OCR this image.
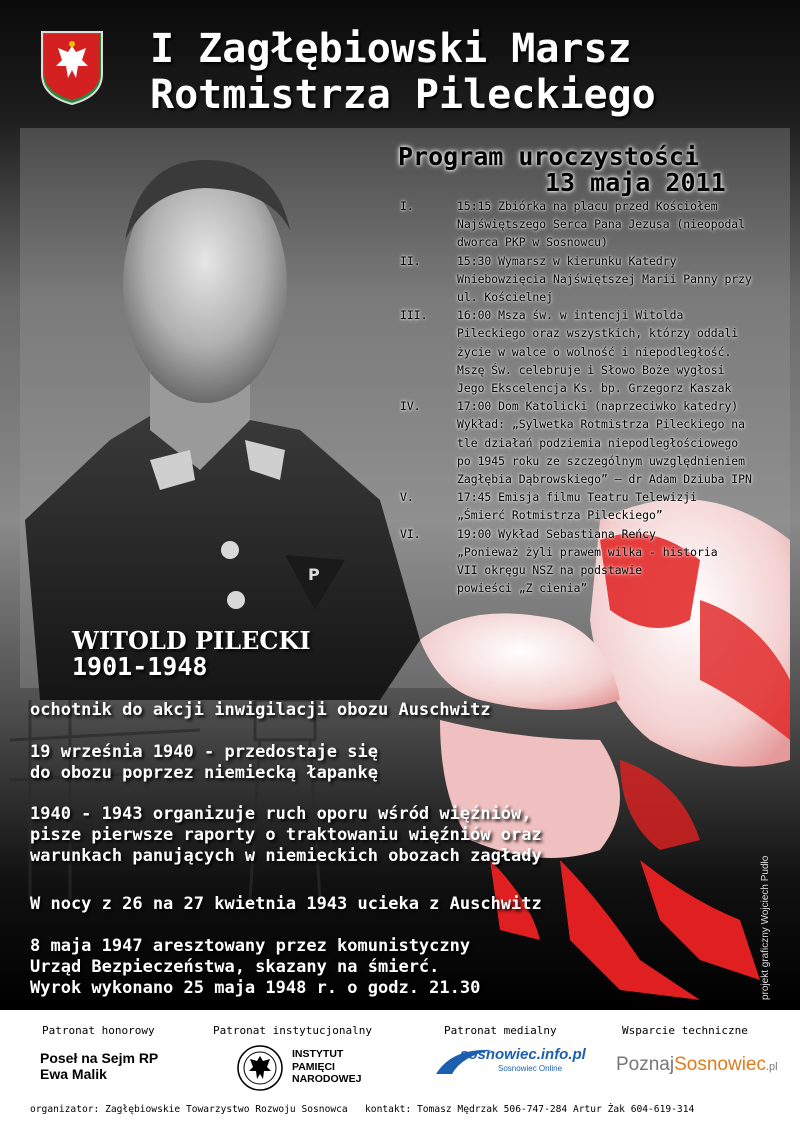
P
I Zagłębiowski Marsz
Rotmistrza Pileckiego
Program uroczystości
13 maja 2011
I.	15:15 Zbiórka na placu przed Kościołem
Najświętszego Serca Pana Jezusa (nieopodal
dworca PKP w Sosnowcu)
II.	15:30 Wymarsz w kierunku Katedry
Wniebowzięcia Najświętszej Marii Panny przy
ul. Kościelnej
III.	16:00 Msza św. w intencji Witolda
Pileckiego oraz wszystkich, którzy oddali
życie w walce o wolność i niepodległość.
Mszę Św. celebruje i Słowo Boże wygłosi
Jego Ekscelencja Ks. bp. Grzegorz Kaszak
IV.	17:00 Dom Katolicki (naprzeciwko katedry)
Wykład: „Sylwetka Rotmistrza Pileckiego na
tle działań podziemia niepodległościowego
po 1945 roku ze szczególnym uwzględnieniem
Zagłębia Dąbrowskiego” – dr Adam Dziuba IPN
V.	17:45 Emisja filmu Teatru Telewizji
„Śmierć Rotmistrza Pileckiego”
VI.	19:00 Wykład Sebastiana Reńcy
„Ponieważ żyli prawem wilka - historia
VII okręgu NSZ na podstawie
powieści „Z cienia”
WITOLD PILECKI
1901-1948
ochotnik do akcji inwigilacji obozu Auschwitz
19 września 1940 - przedostaje się
do obozu poprzez niemiecką łapankę
1940 - 1943 organizuje ruch oporu wśród więźniów,
pisze pierwsze raporty o traktowaniu więźniów oraz
warunkach panujących w niemieckich obozach zagłady
W nocy z 26 na 27 kwietnia 1943 ucieka z Auschwitz
8 maja 1947 aresztowany przez komunistyczny
Urząd Bezpieczeństwa, skazany na śmierć.
Wyrok wykonano 25 maja 1948 r. o godz. 21.30	projekt graficzny Wojciech Pudło
Patronat honorowy	Patronat instytucjonalny	Patronat medialny	Wsparcie techniczne
Poseł na Sejm RP
Ewa Malik
INSTYTUT
PAMIĘCI
NARODOWEJ
sosnowiec.info.pl
Sosnowiec Online	PoznajSosnowiec.pl
organizator: Zagłębiowskie Towarzystwo Rozwoju Sosnowca kontakt: Tomasz Mędrzak 506-747-284 Artur Żak 604-619-314
